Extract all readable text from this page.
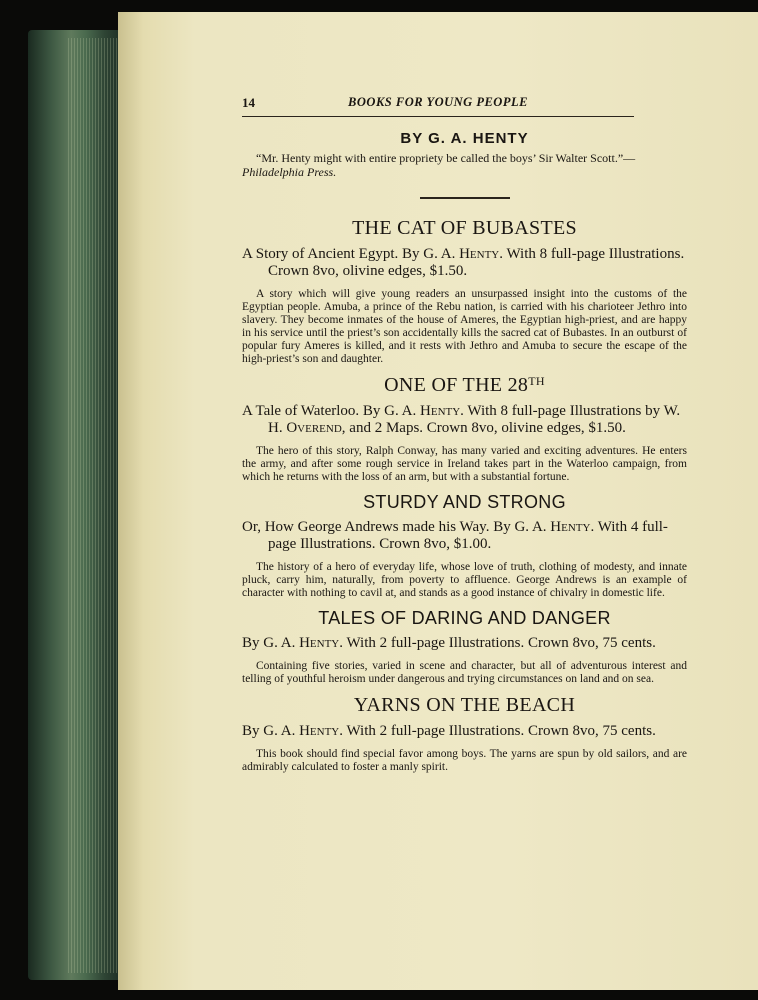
14	BOOKS FOR YOUNG PEOPLE
BY G. A. HENTY

“Mr. Henty might with entire propriety be called the boys’ Sir Walter Scott.”—Philadelphia Press.

THE CAT OF BUBASTES

A Story of Ancient Egypt. By G. A. Henty. With 8 full-page Illustrations. Crown 8vo, olivine edges, $1.50.

A story which will give young readers an unsurpassed insight into the customs of the Egyptian people. Amuba, a prince of the Rebu nation, is carried with his charioteer Jethro into slavery. They become inmates of the house of Ameres, the Egyptian high-priest, and are happy in his service until the priest’s son accidentally kills the sacred cat of Bubastes. In an outburst of popular fury Ameres is killed, and it rests with Jethro and Amuba to secure the escape of the high-priest’s son and daughter.

ONE OF THE 28TH

A Tale of Waterloo. By G. A. Henty. With 8 full-page Illustrations by W. H. Overend, and 2 Maps. Crown 8vo, olivine edges, $1.50.

The hero of this story, Ralph Conway, has many varied and exciting adventures. He enters the army, and after some rough service in Ireland takes part in the Waterloo campaign, from which he returns with the loss of an arm, but with a substantial fortune.

STURDY AND STRONG

Or, How George Andrews made his Way. By G. A. Henty. With 4 full-page Illustrations. Crown 8vo, $1.00.

The history of a hero of everyday life, whose love of truth, clothing of modesty, and innate pluck, carry him, naturally, from poverty to affluence. George Andrews is an example of character with nothing to cavil at, and stands as a good instance of chivalry in domestic life.

TALES OF DARING AND DANGER

By G. A. Henty. With 2 full-page Illustrations. Crown 8vo, 75 cents.

Containing five stories, varied in scene and character, but all of adventurous interest and telling of youthful heroism under dangerous and trying circumstances on land and on sea.

YARNS ON THE BEACH

By G. A. Henty. With 2 full-page Illustrations. Crown 8vo, 75 cents.

This book should find special favor among boys. The yarns are spun by old sailors, and are admirably calculated to foster a manly spirit.
